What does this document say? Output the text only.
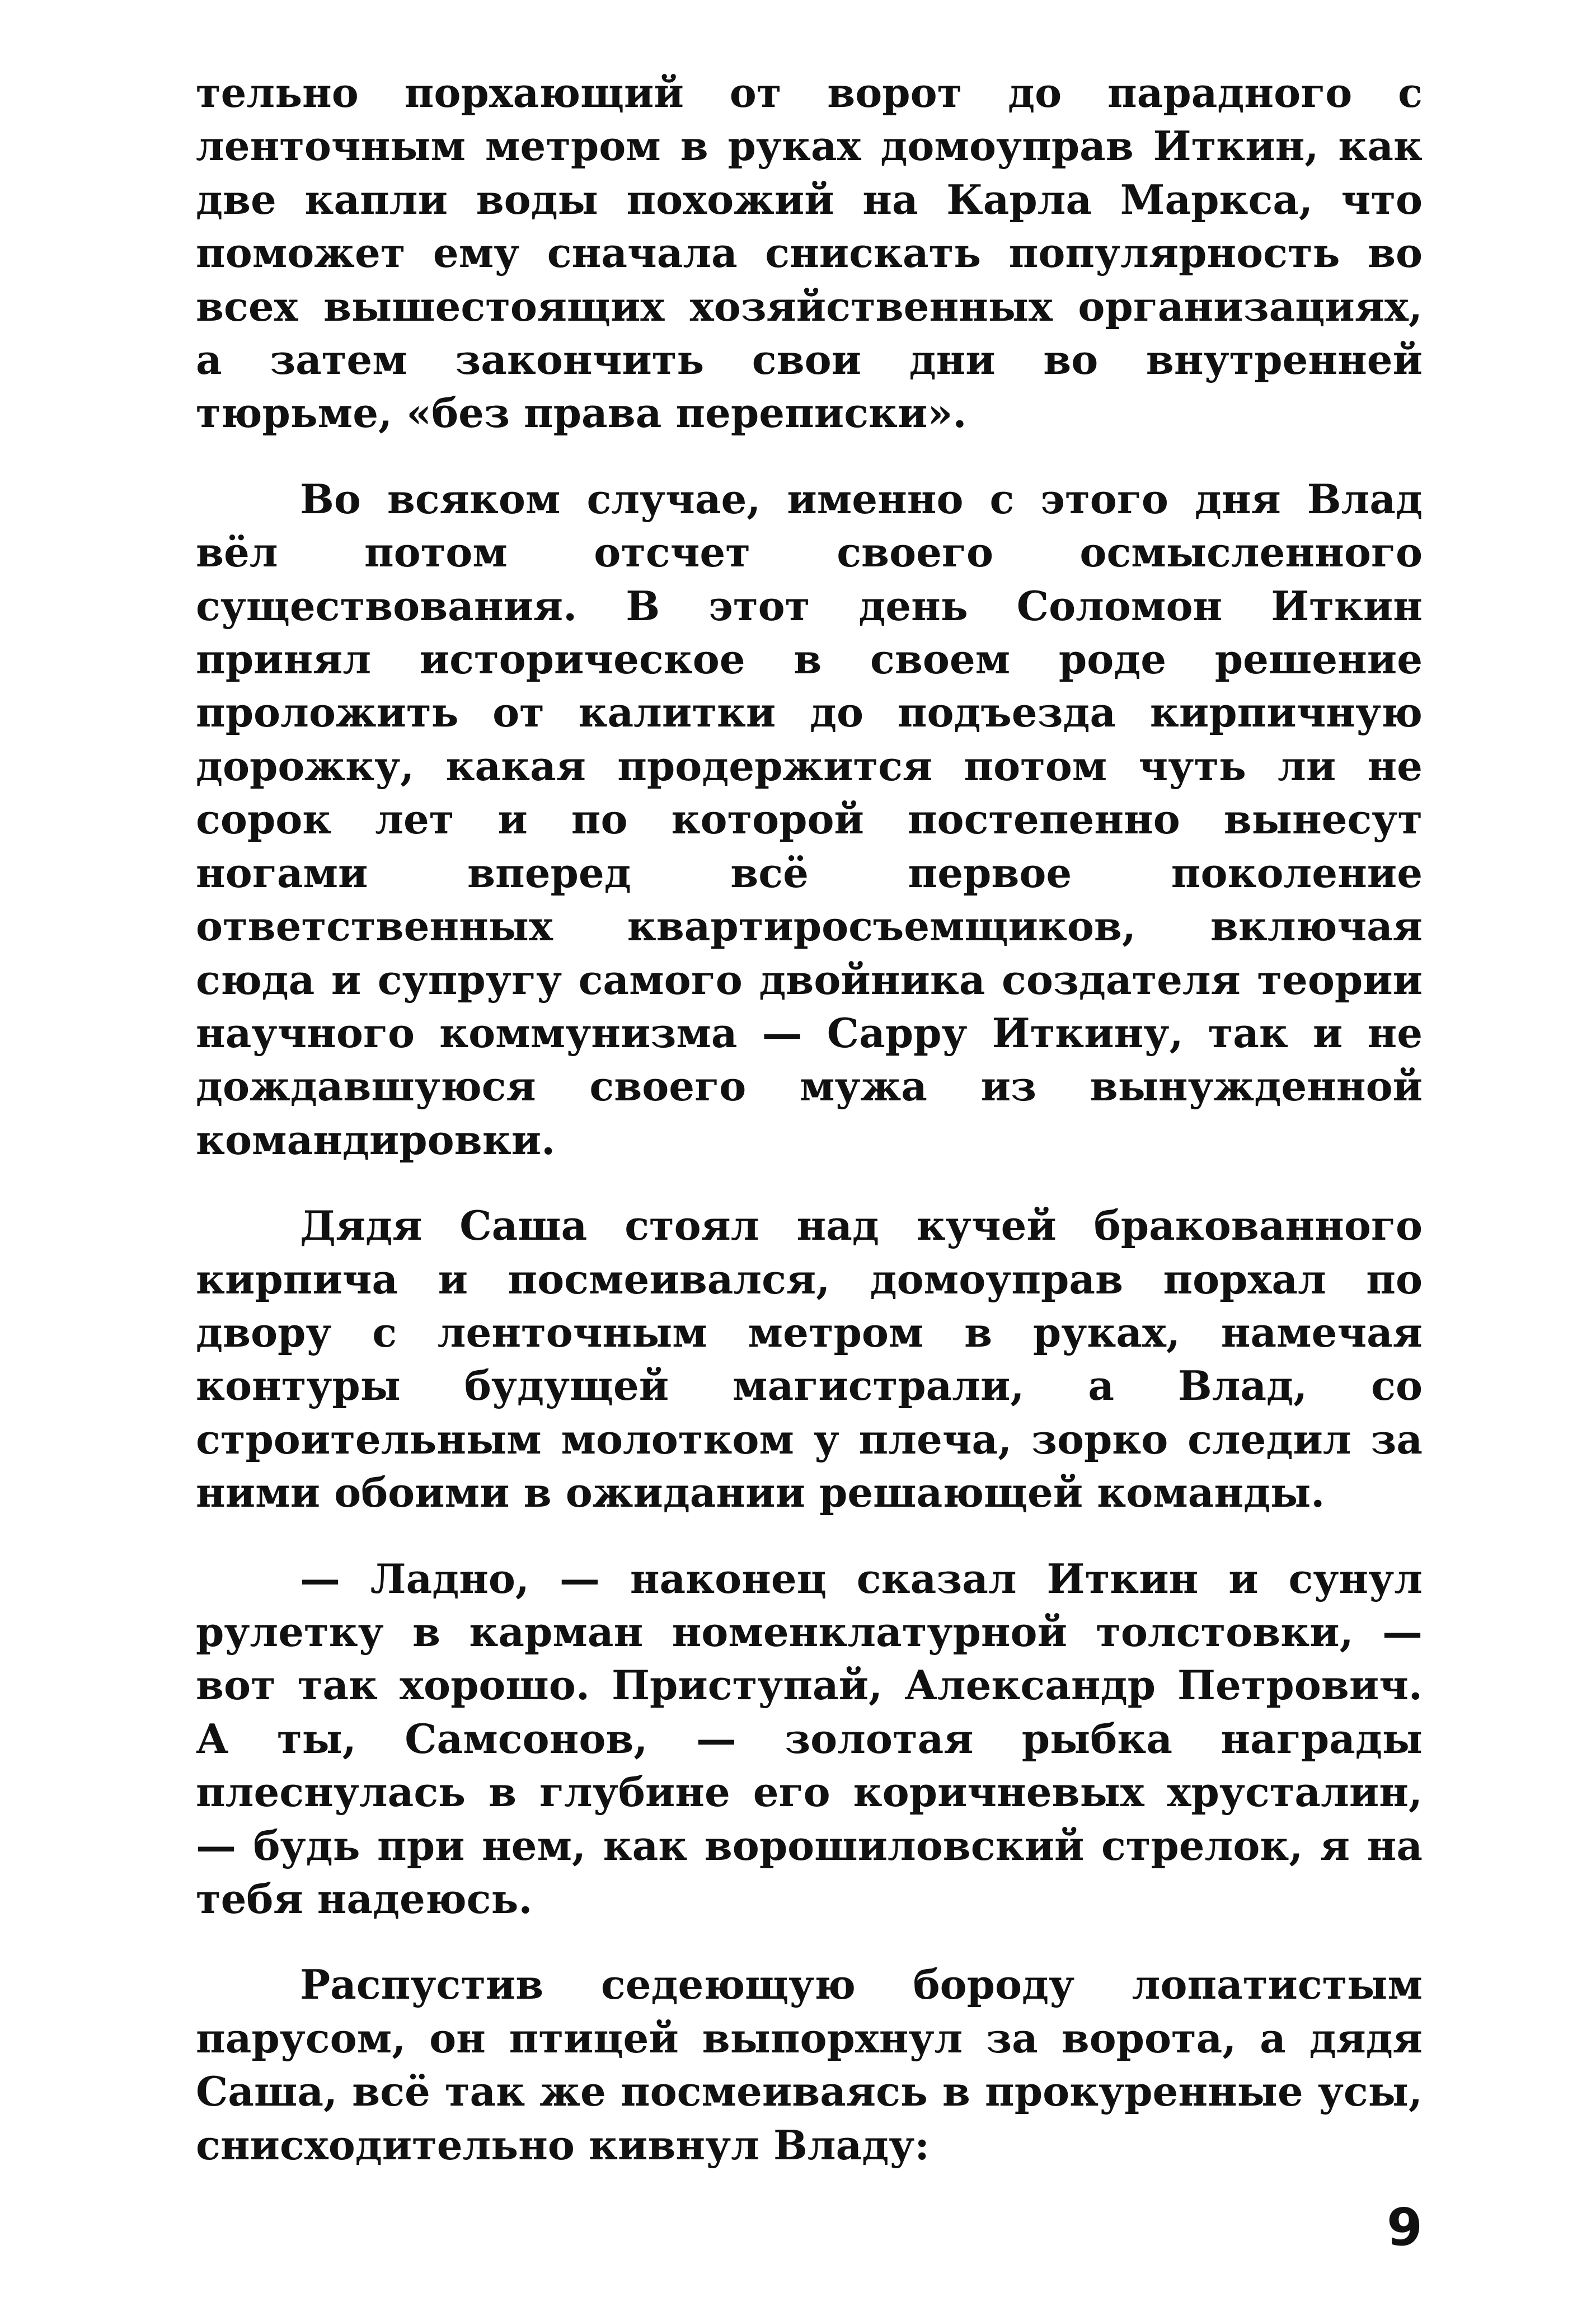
тельно порхающий от ворот до парадного с ленточным метром в руках домоуправ Иткин, как две капли воды похожий на Карла Маркса, что поможет ему сначала снискать популярность во всех вышестоящих хозяйственных организациях, а затем закончить свои дни во внутренней тюрьме, «без права переписки».

Во всяком случае, именно с этого дня Влад вёл потом отсчет своего осмысленного существования. В этот день Соломон Иткин принял историческое в своем роде решение проложить от калитки до подъезда кирпичную дорожку, какая продержится потом чуть ли не сорок лет и по которой постепенно вынесут ногами вперед всё первое поколение ответственных квартиросъемщиков, включая сюда и супругу самого двойника создателя теории научного коммунизма — Сарру Иткину, так и не дождавшуюся своего мужа из вынужденной командировки.

Дядя Саша стоял над кучей бракованного кирпича и посмеивался, домоуправ порхал по двору с ленточным метром в руках, намечая контуры будущей магистрали, а Влад, со строительным молотком у плеча, зорко следил за ними обоими в ожидании решающей команды.

— Ладно, — наконец сказал Иткин и сунул рулетку в карман номенклатурной толстовки, — вот так хорошо. Приступай, Александр Петрович. А ты, Самсонов, — золотая рыбка награды плеснулась в глубине его коричневых хрусталин, — будь при нем, как ворошиловский стрелок, я на тебя надеюсь.

Распустив седеющую бороду лопатистым парусом, он птицей выпорхнул за ворота, а дядя Саша, всё так же посмеиваясь в прокуренные усы, снисходительно кивнул Владу:

9
